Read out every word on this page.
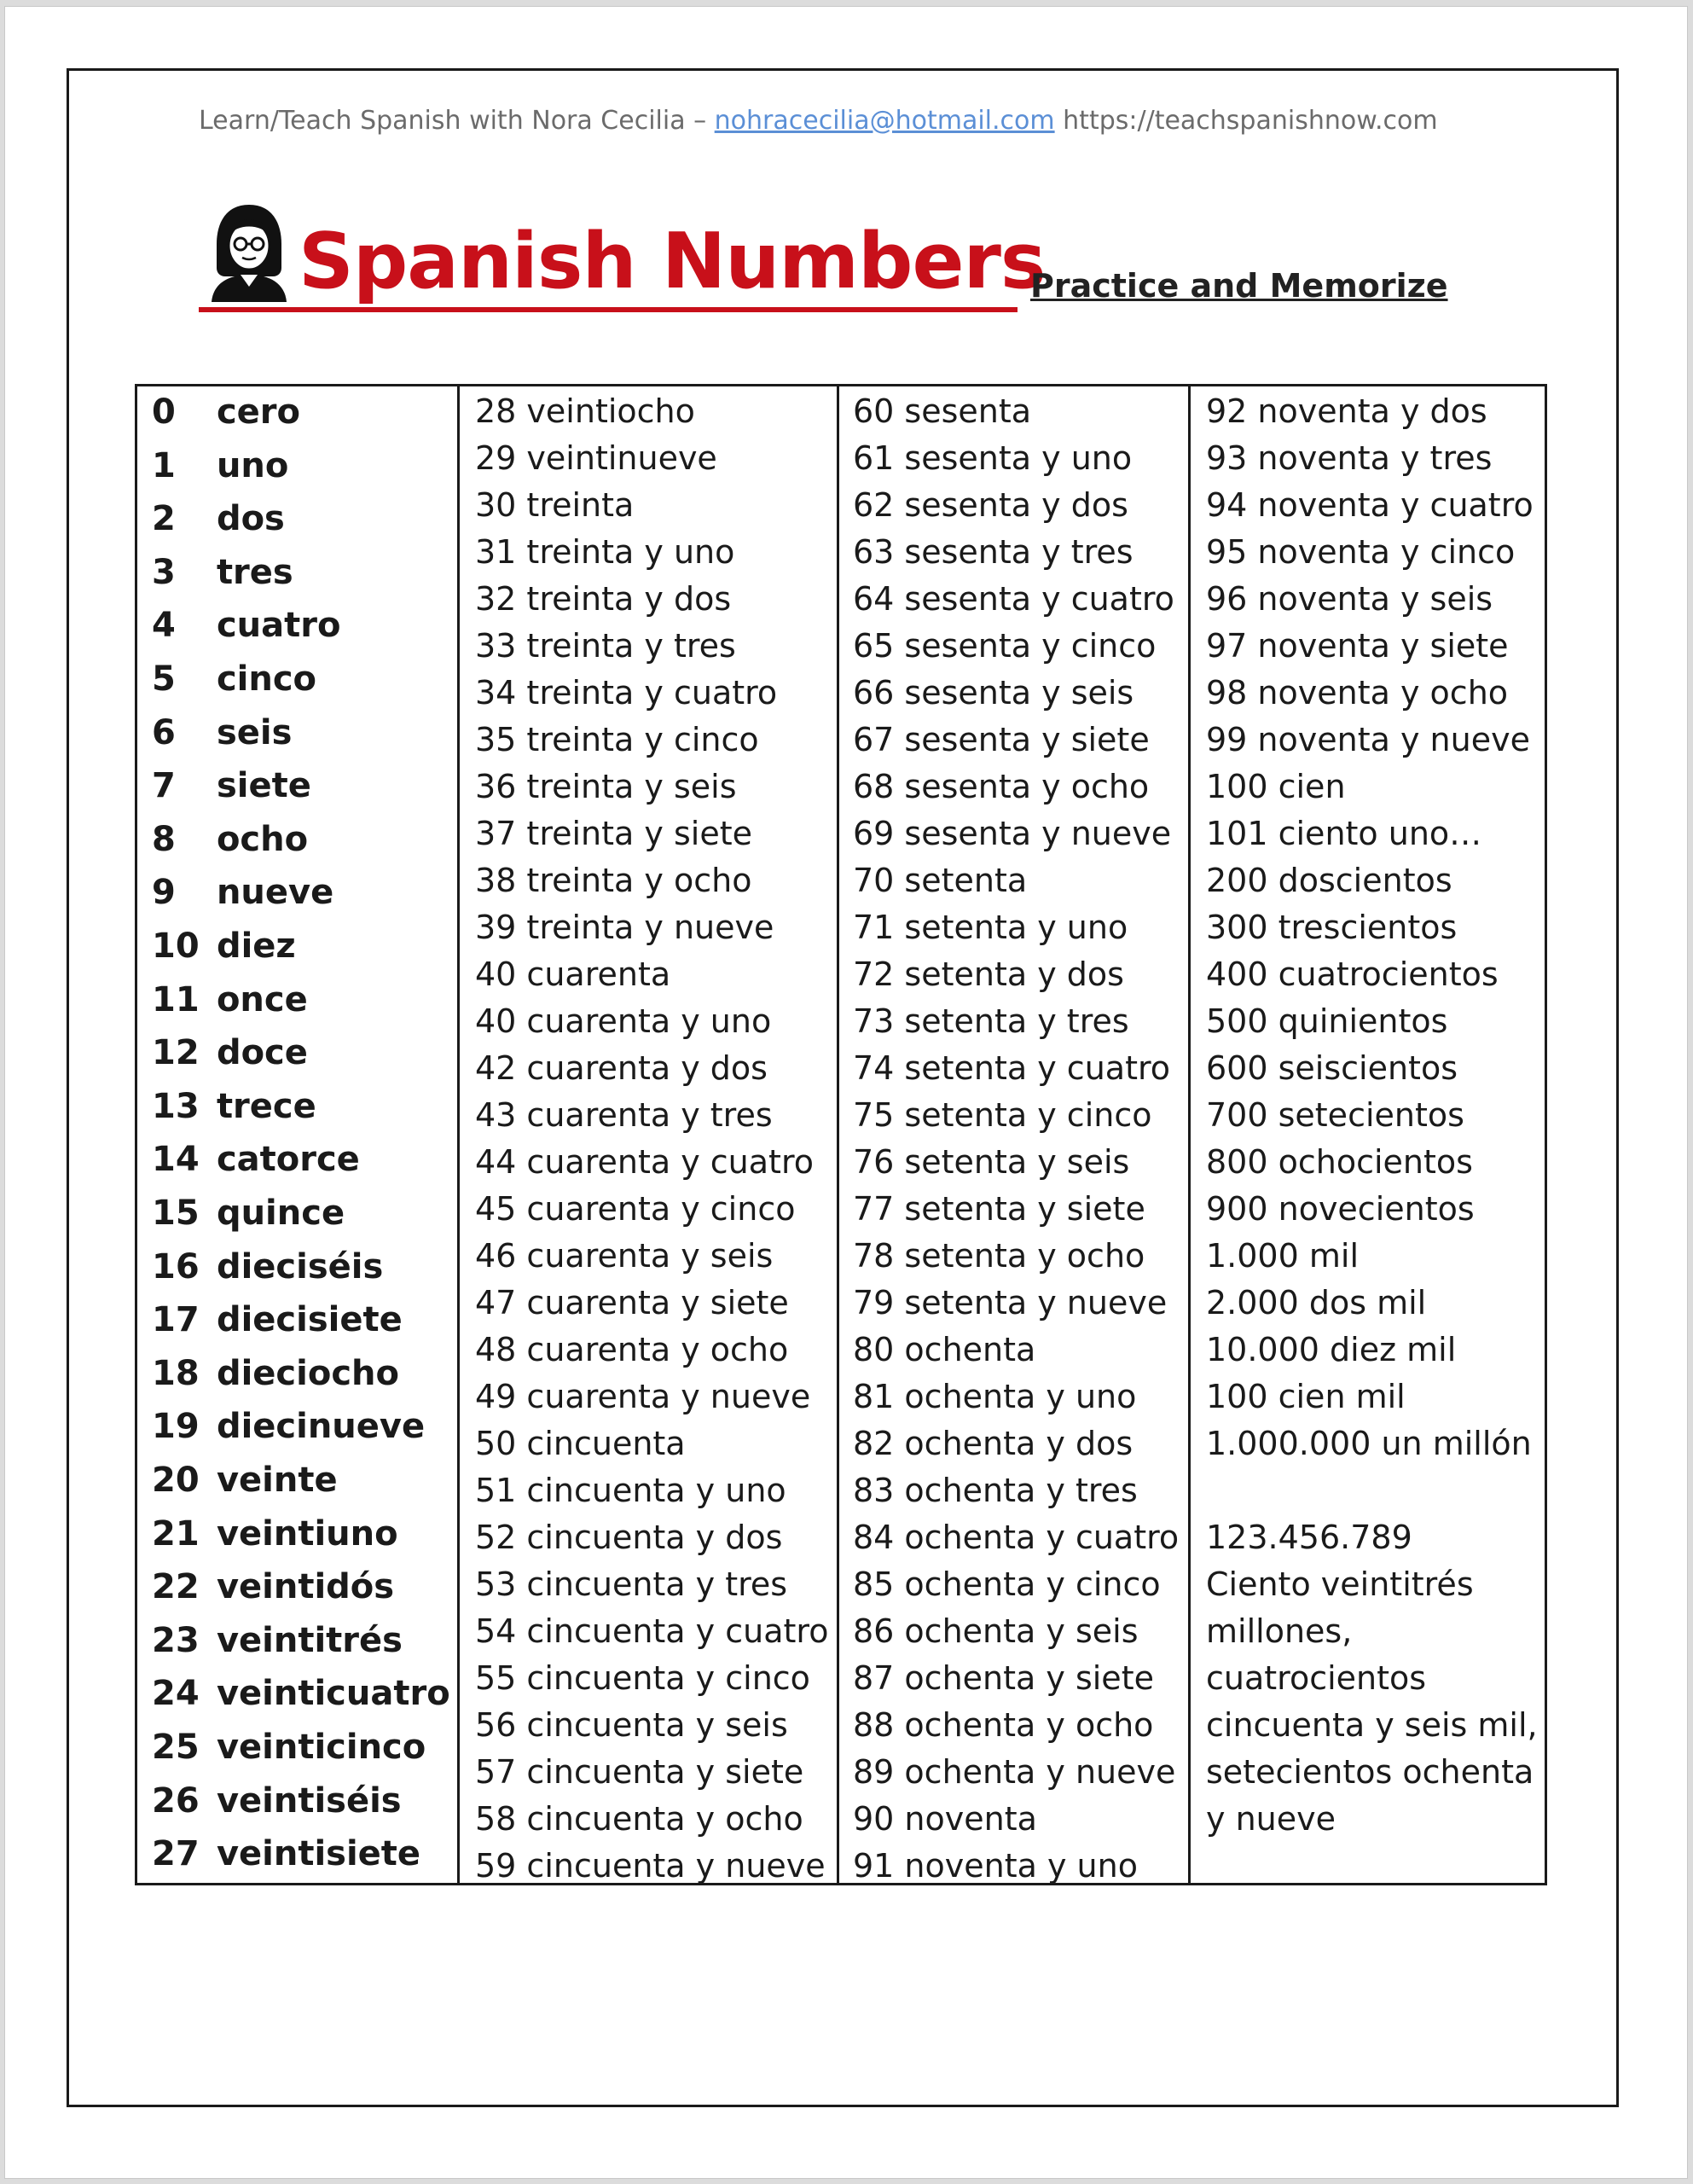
Learn/Teach Spanish with Nora Cecilia – nohracecilia@hotmail.com https://teachspanishnow.com
Spanish Numbers
Practice and Memorize
0 cero
1 uno
2 dos
3 tres
4 cuatro
5 cinco
6 seis
7 siete
8 ocho
9 nueve
10 diez
11 once
12 doce
13 trece
14 catorce
15 quince
16 dieciséis
17 diecisiete
18 dieciocho
19 diecinueve
20 veinte
21 veintiuno
22 veintidós
23 veintitrés
24 veinticuatro
25 veinticinco
26 veintiséis
27 veintisiete
28 veintiocho
29 veintinueve
30 treinta
31 treinta y uno
32 treinta y dos
33 treinta y tres
34 treinta y cuatro
35 treinta y cinco
36 treinta y seis
37 treinta y siete
38 treinta y ocho
39 treinta y nueve
40 cuarenta
40 cuarenta y uno
42 cuarenta y dos
43 cuarenta y tres
44 cuarenta y cuatro
45 cuarenta y cinco
46 cuarenta y seis
47 cuarenta y siete
48 cuarenta y ocho
49 cuarenta y nueve
50 cincuenta
51 cincuenta y uno
52 cincuenta y dos
53 cincuenta y tres
54 cincuenta y cuatro
55 cincuenta y cinco
56 cincuenta y seis
57 cincuenta y siete
58 cincuenta y ocho
59 cincuenta y nueve
60 sesenta
61 sesenta y uno
62 sesenta y dos
63 sesenta y tres
64 sesenta y cuatro
65 sesenta y cinco
66 sesenta y seis
67 sesenta y siete
68 sesenta y ocho
69 sesenta y nueve
70 setenta
71 setenta y uno
72 setenta y dos
73 setenta y tres
74 setenta y cuatro
75 setenta y cinco
76 setenta y seis
77 setenta y siete
78 setenta y ocho
79 setenta y nueve
80 ochenta
81 ochenta y uno
82 ochenta y dos
83 ochenta y tres
84 ochenta y cuatro
85 ochenta y cinco
86 ochenta y seis
87 ochenta y siete
88 ochenta y ocho
89 ochenta y nueve
90 noventa
91 noventa y uno
92 noventa y dos
93 noventa y tres
94 noventa y cuatro
95 noventa y cinco
96 noventa y seis
97 noventa y siete
98 noventa y ocho
99 noventa y nueve
100 cien
101 ciento uno…
200 doscientos
300 trescientos
400 cuatrocientos
500 quinientos
600 seiscientos
700 setecientos
800 ochocientos
900 novecientos
1.000 mil
2.000 dos mil
10.000 diez mil
100 cien mil
1.000.000 un millón
123.456.789
Ciento veintitrés
millones,
cuatrocientos
cincuenta y seis mil,
setecientos ochenta
y nueve
